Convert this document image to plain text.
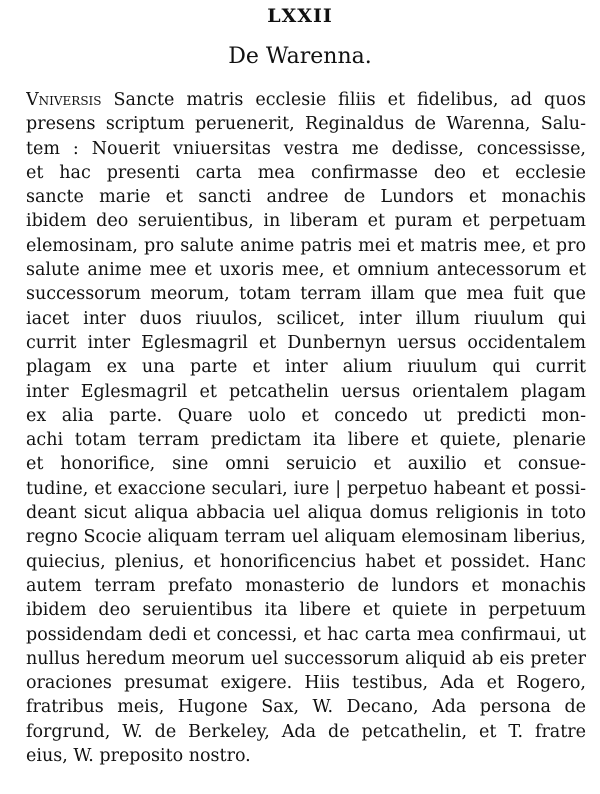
LXXII
De Warenna.
Vniversis Sancte matris ecclesie filiis et fidelibus, ad quos
presens scriptum peruenerit, Reginaldus de Warenna, Salu-
tem : Nouerit vniuersitas vestra me dedisse, concessisse,
et hac presenti carta mea confirmasse deo et ecclesie
sancte marie et sancti andree de Lundors et monachis
ibidem deo seruientibus, in liberam et puram et perpetuam
elemosinam, pro salute anime patris mei et matris mee, et pro
salute anime mee et uxoris mee, et omnium antecessorum et
successorum meorum, totam terram illam que mea fuit que
iacet inter duos riuulos, scilicet, inter illum riuulum qui
currit inter Eglesmagril et Dunbernyn uersus occidentalem
plagam ex una parte et inter alium riuulum qui currit
inter Eglesmagril et petcathelin uersus orientalem plagam
ex alia parte. Quare uolo et concedo ut predicti mon-
achi totam terram predictam ita libere et quiete, plenarie
et honorifice, sine omni seruicio et auxilio et consue-
tudine, et exaccione seculari, iure | perpetuo habeant et possi-
deant sicut aliqua abbacia uel aliqua domus religionis in toto
regno Scocie aliquam terram uel aliquam elemosinam liberius,
quiecius, plenius, et honorificencius habet et possidet. Hanc
autem terram prefato monasterio de lundors et monachis
ibidem deo seruientibus ita libere et quiete in perpetuum
possidendam dedi et concessi, et hac carta mea confirmaui, ut
nullus heredum meorum uel successorum aliquid ab eis preter
oraciones presumat exigere. Hiis testibus, Ada et Rogero,
fratribus meis, Hugone Sax, W. Decano, Ada persona de
forgrund, W. de Berkeley, Ada de petcathelin, et T. fratre
eius, W. preposito nostro.
